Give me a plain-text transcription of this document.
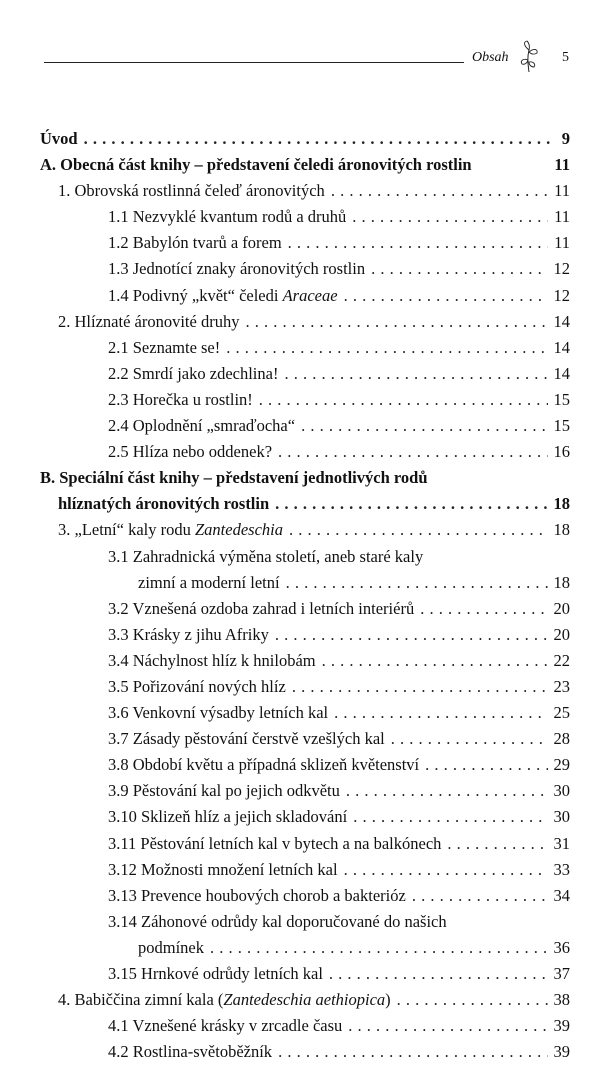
Obsah	5
Úvod . . .	9
A. Obecná část knihy – představení čeledi áronovitých rostlin	11
1. Obrovská rostlinná čeleď áronovitých . . .	11
1.1 Nezvyklé kvantum rodů a druhů . . .	11
1.2 Babylón tvarů a forem . . .	11
1.3 Jednotící znaky áronovitých rostlin . . .	12
1.4 Podivný „květ“ čeledi Araceae . . .	12
2. Hlíznaté áronovité druhy . . .	14
2.1 Seznamte se! . . .	14
2.2 Smrdí jako zdechlina! . . .	14
2.3 Horečka u rostlin! . . .	15
2.4 Oplodnění „smraďocha“ . . .	15
2.5 Hlíza nebo oddenek? . . .	16
B. Speciální část knihy – představení jednotlivých rodů
hlíznatých áronovitých rostlin . . .	18
3. „Letní“ kaly rodu Zantedeschia . . .	18
3.1 Zahradnická výměna století, aneb staré kaly
zimní a moderní letní . . .	18
3.2 Vznešená ozdoba zahrad i letních interiérů . . .	20
3.3 Krásky z jihu Afriky . . .	20
3.4 Náchylnost hlíz k hnilobám . . .	22
3.5 Pořizování nových hlíz . . .	23
3.6 Venkovní výsadby letních kal . . .	25
3.7 Zásady pěstování čerstvě vzešlých kal . . .	28
3.8 Období květu a případná sklizeň květenství . . .	29
3.9 Pěstování kal po jejich odkvětu . . .	30
3.10 Sklizeň hlíz a jejich skladování . . .	30
3.11 Pěstování letních kal v bytech a na balkónech . . .	31
3.12 Možnosti množení letních kal . . .	33
3.13 Prevence houbových chorob a bakterióz . . .	34
3.14 Záhonové odrůdy kal doporučované do našich
podmínek . . .	36
3.15 Hrnkové odrůdy letních kal . . .	37
4. Babiččina zimní kala (Zantedeschia aethiopica) . . .	38
4.1 Vznešené krásky v zrcadle času . . .	39
4.2 Rostlina-světoběžník . . .	39
